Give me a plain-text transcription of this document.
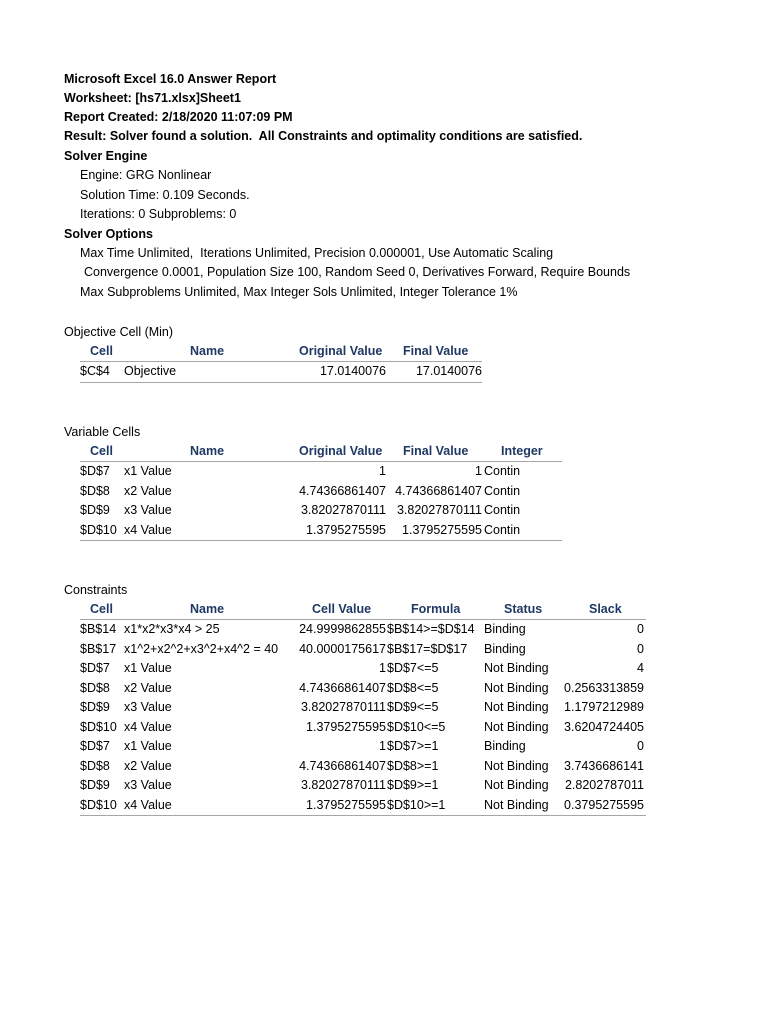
Microsoft Excel 16.0 Answer Report
Worksheet: [hs71.xlsx]Sheet1
Report Created: 2/18/2020 11:07:09 PM
Result: Solver found a solution.  All Constraints and optimality conditions are satisfied.
Solver Engine
Engine: GRG Nonlinear
Solution Time: 0.109 Seconds.
Iterations: 0 Subproblems: 0
Solver Options
Max Time Unlimited,  Iterations Unlimited, Precision 0.000001, Use Automatic Scaling
Convergence 0.0001, Population Size 100, Random Seed 0, Derivatives Forward, Require Bounds
Max Subproblems Unlimited, Max Integer Sols Unlimited, Integer Tolerance 1%
Objective Cell (Min)
Cell	Name	Original Value Final Value
$C$4 Objective	17.0140076	17.0140076
Variable Cells
Cell	Name	Original Value Final Value	Integer
$D$7 x1 Value	1	1 Contin
$D$8 x2 Value	4.74366861407 4.74366861407 Contin
$D$9 x3 Value	3.82027870111 3.82027870111 Contin
$D$10 x4 Value	1.3795275595	1.3795275595 Contin
Constraints
Cell	Name	Cell Value	Formula	Status	Slack
$B$14 x1*x2*x3*x4 > 25	24.9999862855 $B$14>=$D$14 Binding	0
$B$17 x1^2+x2^2+x3^2+x4^2 = 40	40.0000175617 $B$17=$D$17 Binding	0
$D$7 x1 Value	1 $D$7<=5	Not Binding	4
$D$8 x2 Value	4.74366861407 $D$8<=5	Not Binding	0.2563313859
$D$9 x3 Value	3.82027870111 $D$9<=5	Not Binding	1.1797212989
$D$10 x4 Value	1.3795275595 $D$10<=5	Not Binding	3.6204724405
$D$7 x1 Value	1 $D$7>=1	Binding	0
$D$8 x2 Value	4.74366861407 $D$8>=1	Not Binding	3.7436686141
$D$9 x3 Value	3.82027870111 $D$9>=1	Not Binding	2.8202787011
$D$10 x4 Value	1.3795275595 $D$10>=1	Not Binding	0.3795275595
